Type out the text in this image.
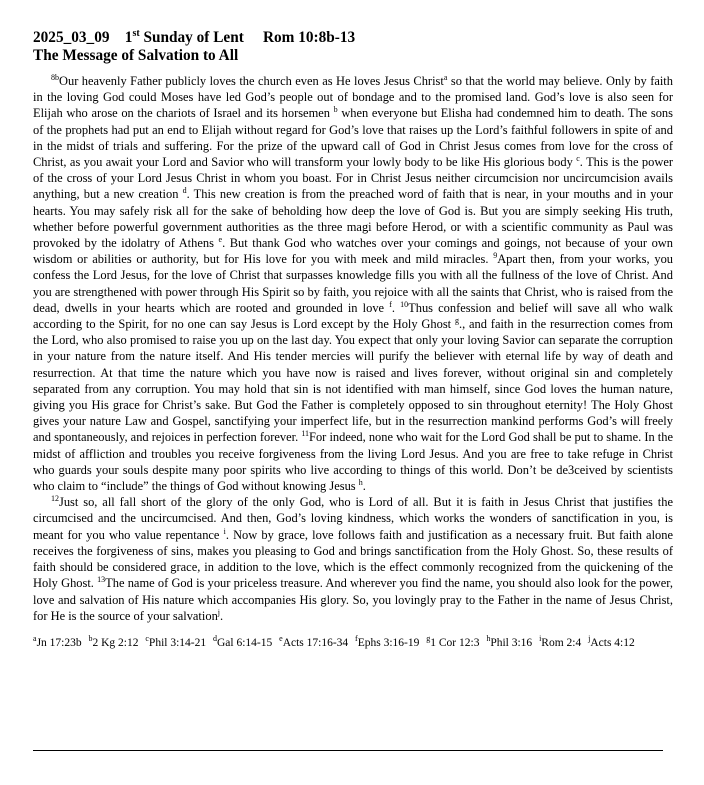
2025_03_09 1st Sunday of Lent Rom 10:8b-13
The Message of Salvation to All

$^{8b}$Our heavenly Father publicly loves the church even as He loves Jesus Christ$^a$ so that the world may believe. Only by faith in the loving God could Moses have led God’s people out of bondage and to the promised land. God’s love is also seen for Elijah who arose on the chariots of Israel and its horsemen $^b$ when everyone but Elisha had condemned him to death. The sons of the prophets had put an end to Elijah without regard for God’s love that raises up the Lord’s faithful followers in spite of and in the midst of trials and suffering. For the prize of the upward call of God in Christ Jesus comes from love for the cross of Christ, as you await your Lord and Savior who will transform your lowly body to be like His glorious body $^c$. This is the power of the cross of your Lord Jesus Christ in whom you boast. For in Christ Jesus neither circumcision nor uncircumcision avails anything, but a new creation $^d$. This new creation is from the preached word of faith that is near, in your mouths and in your hearts. You may safely risk all for the sake of beholding how deep the love of God is. But you are simply seeking His truth, whether before powerful government authorities as the three magi before Herod, or with a scientific community as Paul was provoked by the idolatry of Athens $^e$. But thank God who watches over your comings and goings, not because of your own wisdom or abilities or authority, but for His love for you with meek and mild miracles. $^9$Apart then, from your works, you confess the Lord Jesus, for the love of Christ that surpasses knowledge fills you with all the fullness of the love of Christ. And you are strengthened with power through His Spirit so by faith, you rejoice with all the saints that Christ, who is raised from the dead, dwells in your hearts which are rooted and grounded in love $^f$. $^{10}$Thus confession and belief will save all who walk according to the Spirit, for no one can say Jesus is Lord except by the Holy Ghost $^g$., and faith in the resurrection comes from the Lord, who also promised to raise you up on the last day. You expect that only your loving Savior can separate the corruption in your nature from the nature itself. And His tender mercies will purify the believer with eternal life by way of death and resurrection. At that time the nature which you have now is raised and lives forever, without original sin and completely separated from any corruption. You may hold that sin is not identified with man himself, since God loves the human nature, giving you His grace for Christ’s sake. But God the Father is completely opposed to sin throughout eternity! The Holy Ghost gives your nature Law and Gospel, sanctifying your imperfect life, but in the resurrection mankind performs God’s will freely and spontaneously, and rejoices in perfection forever. $^{11}$For indeed, none who wait for the Lord God shall be put to shame. In the midst of affliction and troubles you receive forgiveness from the living Lord Jesus. And you are free to take refuge in Christ who guards your souls despite many poor spirits who live according to things of this world. Don’t be de3ceived by scientists who claim to “include” the things of God without knowing Jesus $^h$.

$^{12}$Just so, all fall short of the glory of the only God, who is Lord of all. But it is faith in Jesus Christ that justifies the circumcised and the uncircumcised. And then, God’s loving kindness, which works the wonders of sanctification in you, is meant for you who value repentance $^i$. Now by grace, love follows faith and justification as a necessary fruit. But faith alone receives the forgiveness of sins, makes you pleasing to God and brings sanctification from the Holy Ghost. So, these results of faith should be considered grace, in addition to the love, which is the effect commonly recognized from the quickening of the Holy Ghost. $^{13}$The name of God is your priceless treasure. And wherever you find the name, you should also look for the power, love and salvation of His nature which accompanies His glory. So, you lovingly pray to the Father in the name of Jesus Christ, for He is the source of your salvation$^j$.

$^a$Jn 17:23b $^b$2 Kg 2:12 $^c$Phil 3:14-21 $^d$Gal 6:14-15 $^e$Acts 17:16-34 $^f$Ephs 3:16-19 $^g$1 Cor 12:3 $^h$Phil 3:16 $^i$Rom 2:4 $^j$Acts 4:12
